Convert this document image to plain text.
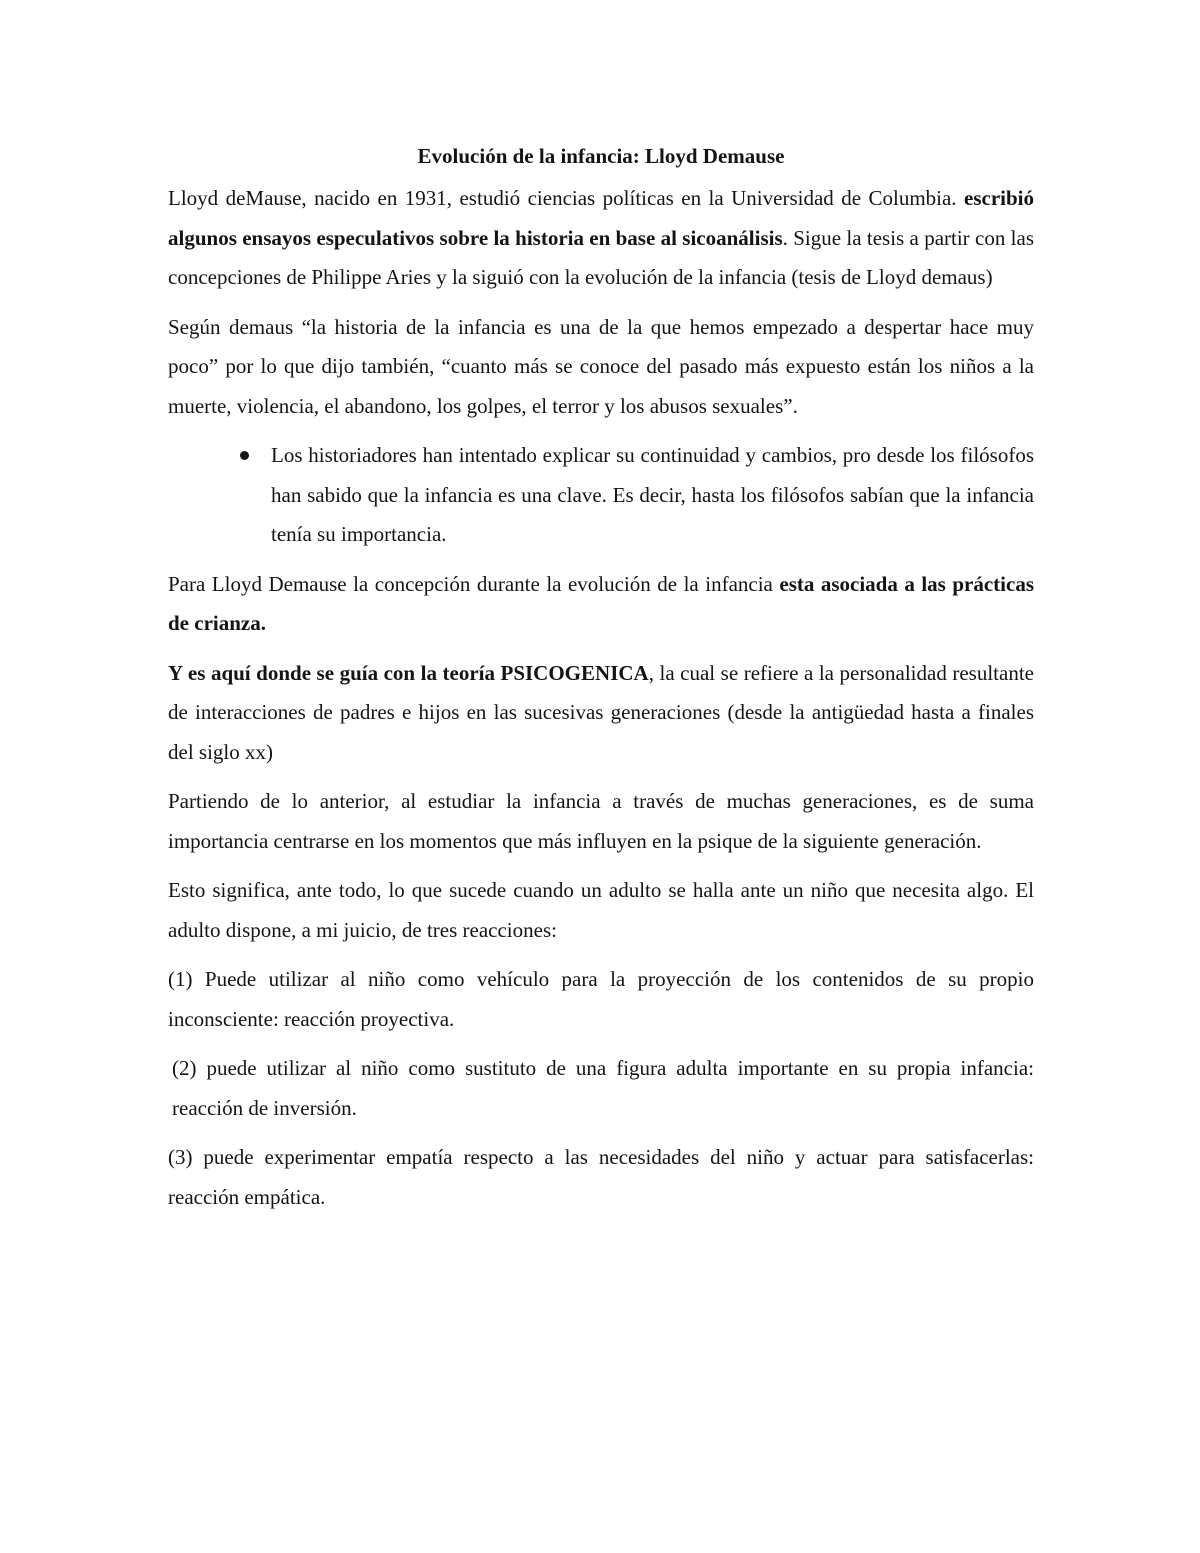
Evolución de la infancia: Lloyd Demause

Lloyd deMause, nacido en 1931, estudió ciencias políticas en la Universidad de Columbia. escribió algunos ensayos especulativos sobre la historia en base al sicoanálisis. Sigue la tesis a partir con las concepciones de Philippe Aries y la siguió con la evolución de la infancia (tesis de Lloyd demaus)

Según demaus “la historia de la infancia es una de la que hemos empezado a despertar hace muy poco” por lo que dijo también, “cuanto más se conoce del pasado más expuesto están los niños a la muerte, violencia, el abandono, los golpes, el terror y los abusos sexuales”.

Los historiadores han intentado explicar su continuidad y cambios, pro desde los filósofos han sabido que la infancia es una clave. Es decir, hasta los filósofos sabían que la infancia tenía su importancia.

Para Lloyd Demause la concepción durante la evolución de la infancia esta asociada a las prácticas de crianza.

Y es aquí donde se guía con la teoría PSICOGENICA, la cual se refiere a la personalidad resultante de interacciones de padres e hijos en las sucesivas generaciones (desde la antigüedad hasta a finales del siglo xx)

Partiendo de lo anterior, al estudiar la infancia a través de muchas generaciones, es de suma importancia centrarse en los momentos que más influyen en la psique de la siguiente generación.

Esto significa, ante todo, lo que sucede cuando un adulto se halla ante un niño que necesita algo. El adulto dispone, a mi juicio, de tres reacciones:

(1) Puede utilizar al niño como vehículo para la proyección de los contenidos de su propio inconsciente: reacción proyectiva.

(2) puede utilizar al niño como sustituto de una figura adulta importante en su propia infancia: reacción de inversión.

(3) puede experimentar empatía respecto a las necesidades del niño y actuar para satisfacerlas: reacción empática.
